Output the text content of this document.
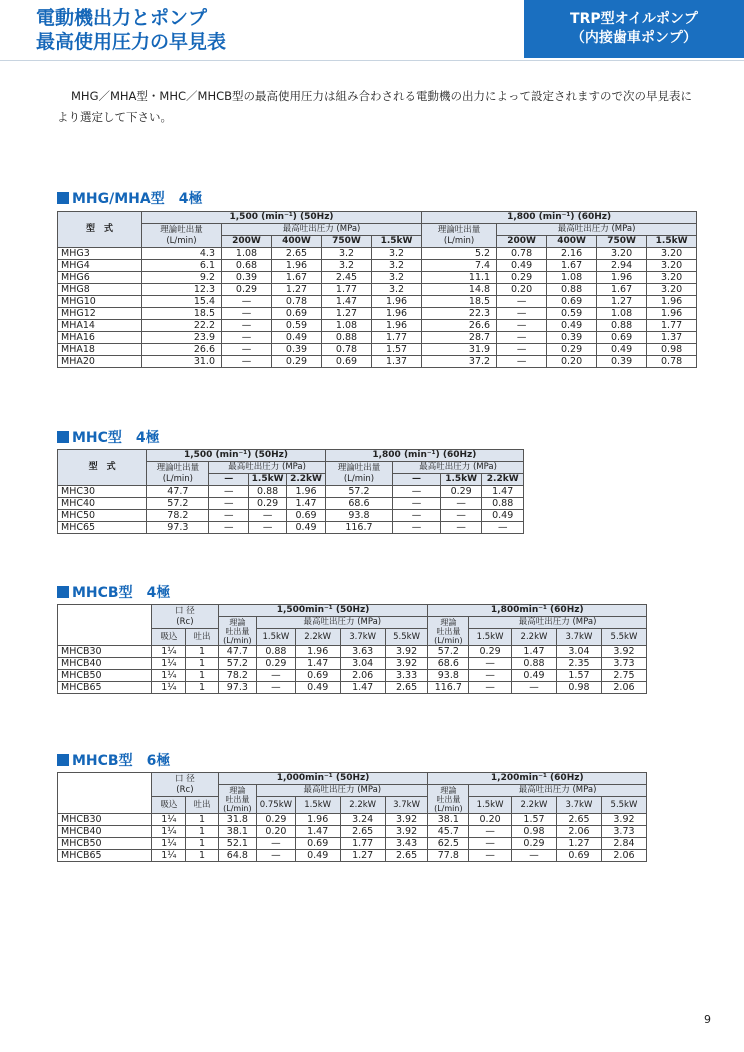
電動機出力とポンプ
最高使用圧力の早見表
TRP型オイルポンプ
（内接歯車ポンプ）
MHG／MHA型・MHC／MHCB型の最高使用圧力は組み合わされる電動機の出力によって設定されますので次の早見表により選定して下さい。
MHG/MHA型　4極
型　式	1,500 (min⁻¹) (50Hz)					1,800 (min⁻¹) (60Hz)				
	理論吐出量
(L/min)	最高吐出圧力 (MPa)				理論吐出量
(L/min)	最高吐出圧力 (MPa)			
		200W	400W	750W	1.5kW		200W	400W	750W	1.5kW
MHG3	4.3	1.08	2.65	3.2	3.2	5.2	0.78	2.16	3.20	3.20
MHG4	6.1	0.68	1.96	3.2	3.2	7.4	0.49	1.67	2.94	3.20
MHG6	9.2	0.39	1.67	2.45	3.2	11.1	0.29	1.08	1.96	3.20
MHG8	12.3	0.29	1.27	1.77	3.2	14.8	0.20	0.88	1.67	3.20
MHG10	15.4	—	0.78	1.47	1.96	18.5	—	0.69	1.27	1.96
MHG12	18.5	—	0.69	1.27	1.96	22.3	—	0.59	1.08	1.96
MHA14	22.2	—	0.59	1.08	1.96	26.6	—	0.49	0.88	1.77
MHA16	23.9	—	0.49	0.88	1.77	28.7	—	0.39	0.69	1.37
MHA18	26.6	—	0.39	0.78	1.57	31.9	—	0.29	0.49	0.98
MHA20	31.0	—	0.29	0.69	1.37	37.2	—	0.20	0.39	0.78
MHC型　4極
型　式	1,500 (min⁻¹) (50Hz)				1,800 (min⁻¹) (60Hz)			
	理論吐出量
(L/min)	最高吐出圧力 (MPa)			理論吐出量
(L/min)	最高吐出圧力 (MPa)		
		—	1.5kW	2.2kW		—	1.5kW	2.2kW
MHC30	47.7	—	0.88	1.96	57.2	—	0.29	1.47
MHC40	57.2	—	0.29	1.47	68.6	—	—	0.88
MHC50	78.2	—	—	0.69	93.8	—	—	0.49
MHC65	97.3	—	—	0.49	116.7	—	—	—
MHCB型　4極
	口 径
(Rc)		1,500min⁻¹ (50Hz)					1,800min⁻¹ (60Hz)				
			理論
吐出量
(L/min)	最高吐出圧力 (MPa)				理論
吐出量
(L/min)	最高吐出圧力 (MPa)			
	吸込	吐出		1.5kW	2.2kW	3.7kW	5.5kW		1.5kW	2.2kW	3.7kW	5.5kW
MHCB30	1¼	1	47.7	0.88	1.96	3.63	3.92	57.2	0.29	1.47	3.04	3.92
MHCB40	1¼	1	57.2	0.29	1.47	3.04	3.92	68.6	—	0.88	2.35	3.73
MHCB50	1¼	1	78.2	—	0.69	2.06	3.33	93.8	—	0.49	1.57	2.75
MHCB65	1¼	1	97.3	—	0.49	1.47	2.65	116.7	—	—	0.98	2.06
MHCB型　6極
	口 径
(Rc)		1,000min⁻¹ (50Hz)					1,200min⁻¹ (60Hz)				
			理論
吐出量
(L/min)	最高吐出圧力 (MPa)				理論
吐出量
(L/min)	最高吐出圧力 (MPa)			
	吸込	吐出		0.75kW	1.5kW	2.2kW	3.7kW		1.5kW	2.2kW	3.7kW	5.5kW
MHCB30	1¼	1	31.8	0.29	1.96	3.24	3.92	38.1	0.20	1.57	2.65	3.92
MHCB40	1¼	1	38.1	0.20	1.47	2.65	3.92	45.7	—	0.98	2.06	3.73
MHCB50	1¼	1	52.1	—	0.69	1.77	3.43	62.5	—	0.29	1.27	2.84
MHCB65	1¼	1	64.8	—	0.49	1.27	2.65	77.8	—	—	0.69	2.06
9
